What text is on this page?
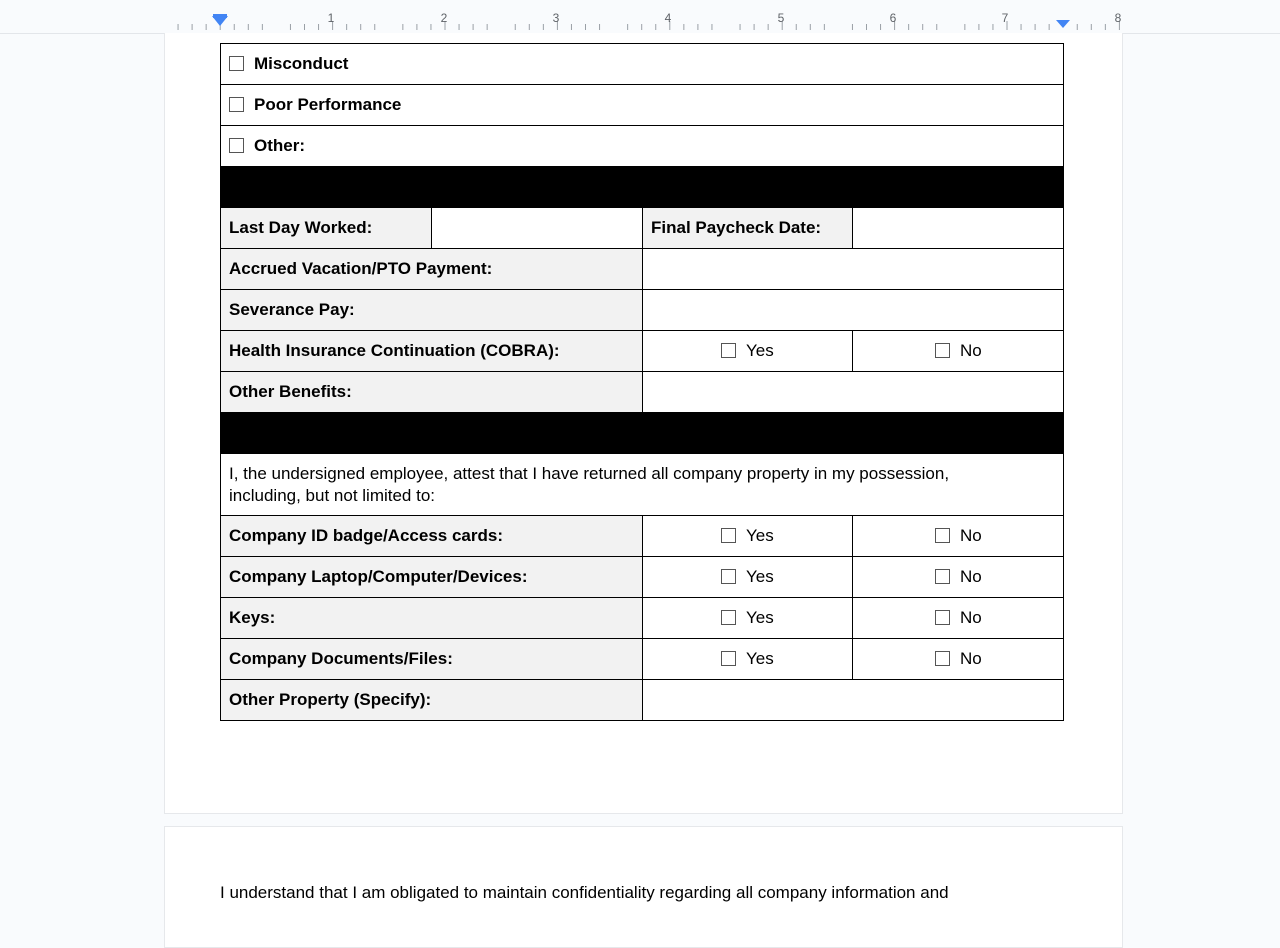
1	2	3	4	5	6	7	8
Misconduct			
Poor Performance			
Other:			
FINAL PAY AND BENEFITS:			
Last Day Worked:		Final Paycheck Date:	
Accrued Vacation/PTO Payment:			
Severance Pay:			
Health Insurance Continuation (COBRA):		Yes	No
Other Benefits:			
PROPERTY AND CONFIDENTIAL INFORMATION:			

I, the undersigned employee, attest that I have returned all company property in my possession,
including, but not limited to:			

Company ID badge/Access cards:		Yes	No
Company Laptop/Computer/Devices:		Yes	No
Keys:		Yes	No
Company Documents/Files:		Yes	No
Other Property (Specify):			
I understand that I am obligated to maintain confidentiality regarding all company information and
